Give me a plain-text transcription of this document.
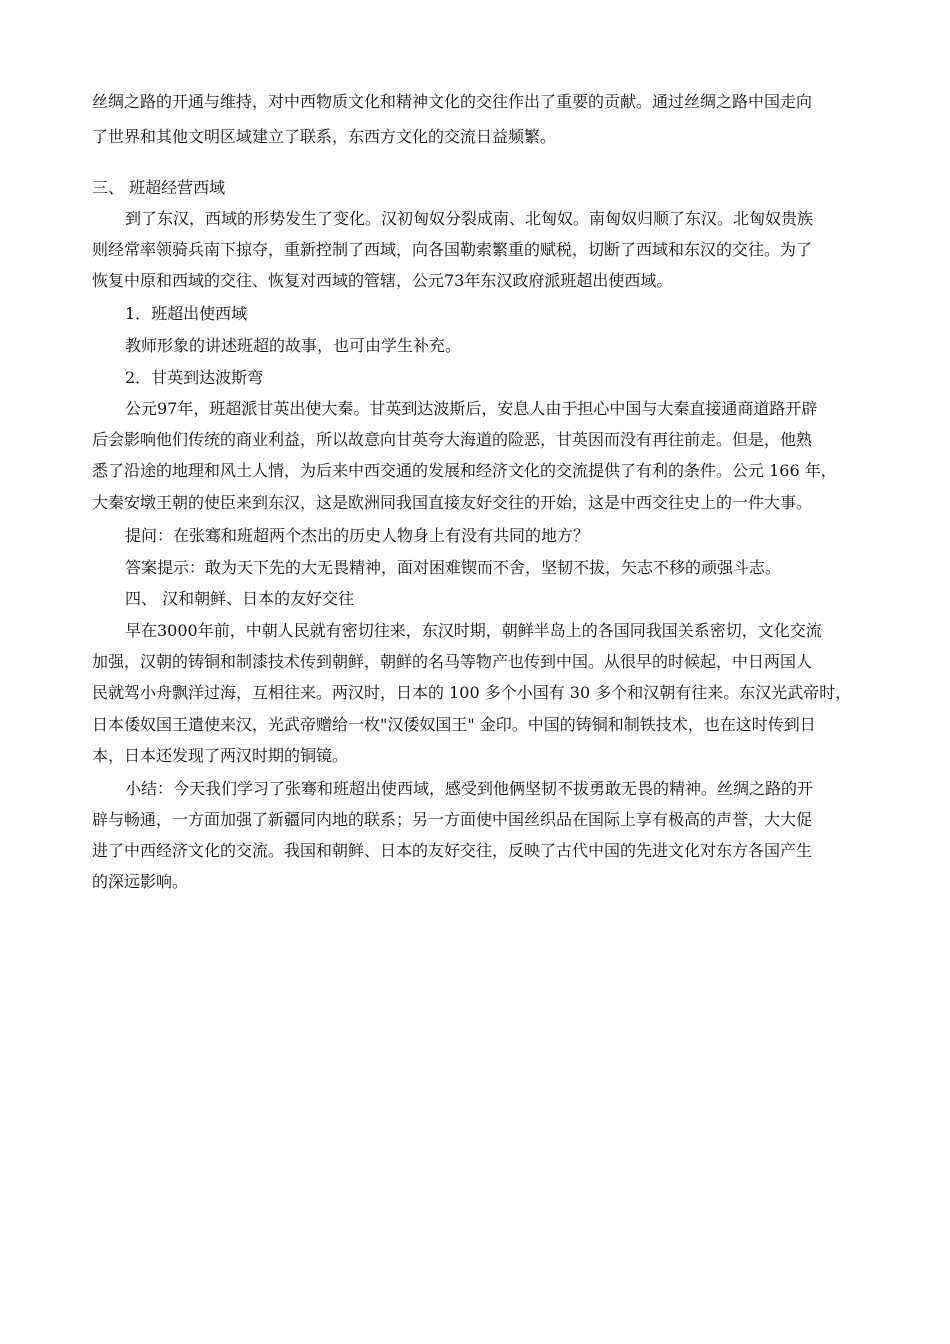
丝绸之路的开通与维持，对中西物质文化和精神文化的交往作出了重要的贡献。通过丝绸之路中国走向
了世界和其他文明区域建立了联系，东西方文化的交流日益频繁。
三、 班超经营西域
到了东汉，西域的形势发生了变化。汉初匈奴分裂成南、北匈奴。南匈奴归顺了东汉。北匈奴贵族
则经常率领骑兵南下掠夺，重新控制了西域，向各国勒索繁重的赋税，切断了西域和东汉的交往。为了
恢复中原和西域的交往、恢复对西域的管辖，公元73年东汉政府派班超出使西域。
1．班超出使西域
教师形象的讲述班超的故事，也可由学生补充。
2．甘英到达波斯弯
公元97年，班超派甘英出使大秦。甘英到达波斯后，安息人由于担心中国与大秦直接通商道路开辟
后会影响他们传统的商业利益，所以故意向甘英夸大海道的险恶，甘英因而没有再往前走。但是，他熟
悉了沿途的地理和风土人情，为后来中西交通的发展和经济文化的交流提供了有利的条件。公元 166 年，
大秦安墩王朝的使臣来到东汉，这是欧洲同我国直接友好交往的开始，这是中西交往史上的一件大事。
提问：在张骞和班超两个杰出的历史人物身上有没有共同的地方？
答案提示：敢为天下先的大无畏精神，面对困难锲而不舍，坚韧不拔，矢志不移的顽强斗志。
四、 汉和朝鲜、日本的友好交往
早在3000年前，中朝人民就有密切往来，东汉时期，朝鲜半岛上的各国同我国关系密切，文化交流
加强，汉朝的铸铜和制漆技术传到朝鲜，朝鲜的名马等物产也传到中国。从很早的时候起，中日两国人
民就驾小舟飘洋过海，互相往来。两汉时，日本的 100 多个小国有 30 多个和汉朝有往来。东汉光武帝时，
日本倭奴国王遣使来汉，光武帝赠给一枚"汉倭奴国王" 金印。中国的铸铜和制铁技术，也在这时传到日
本，日本还发现了两汉时期的铜镜。
小结：今天我们学习了张骞和班超出使西域，感受到他俩坚韧不拔勇敢无畏的精神。丝绸之路的开
辟与畅通，一方面加强了新疆同内地的联系；另一方面使中国丝织品在国际上享有极高的声誉，大大促
进了中西经济文化的交流。我国和朝鲜、日本的友好交往，反映了古代中国的先进文化对东方各国产生
的深远影响。
